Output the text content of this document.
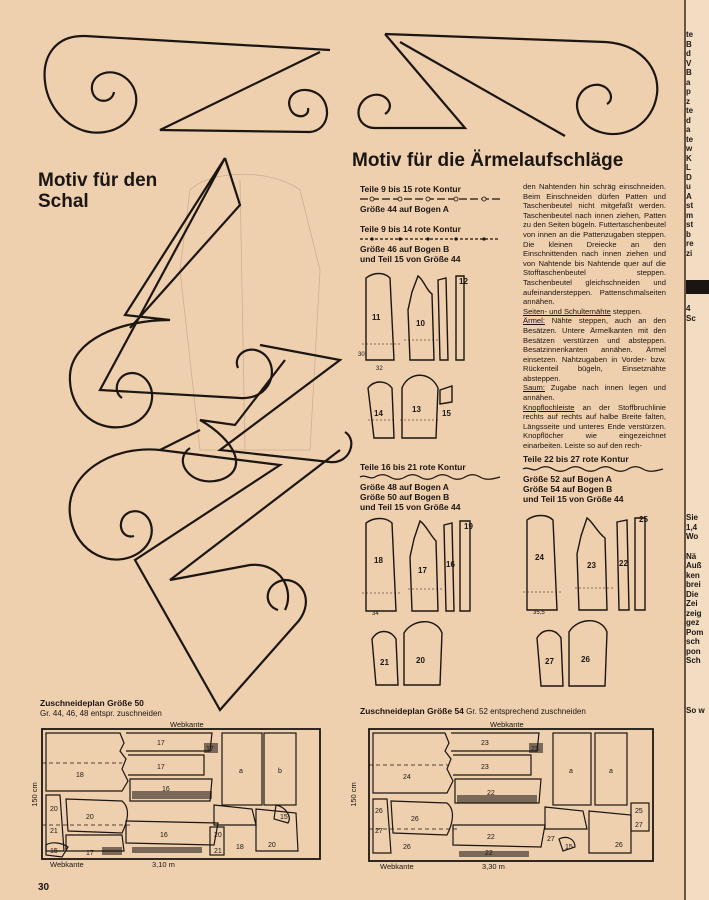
Motiv für den Schal
Motiv für die Ärmelaufschläge
Teile 9 bis 15 rote Kontur
Größe 44 auf Bogen A
Teile 9 bis 14 rote Kontur
Größe 46 auf Bogen B
und Teil 15 von Größe 44
11
10
12
14	13	15
30
32

den Nahtenden hin schräg einschneiden. Beim Einschneiden dürfen Patten und Taschenbeutel nicht mitgefaßt werden. Taschenbeutel nach innen ziehen, Patten zu den Seiten bügeln. Futtertaschenbeutel von innen an die Pattenzugaben steppen. Die kleinen Dreiecke an den Einschnittenden nach innen ziehen und von Nahtende bis Nahtende quer auf die Stofftaschenbeutel steppen. Taschenbeutel gleichschneiden und aufeinandersteppen. Pattenschmalseiten annähen.

Seiten- und Schulternähte steppen.

Ärmel: Nähte steppen, auch an den Besätzen. Untere Ärmelkanten mit den Besätzen verstürzen und absteppen. Besatzinnenkanten annähen. Ärmel einsetzen. Nahtzugaben in Vorder- bzw. Rückenteil bügeln, Einsetznähte absteppen.

Saum: Zugabe nach innen legen und annähen.

Knopflochleiste an der Stoffbruchlinie rechts auf rechts auf halbe Breite falten, Längsseite und unteres Ende verstürzen. Knopflöcher wie eingezeichnet einarbeiten. Leiste so auf den rech-

Teile 16 bis 21 rote Kontur
Größe 48 auf Bogen A
Größe 50 auf Bogen B
und Teil 15 von Größe 44
18
17
16
19
21	20
34
Teile 22 bis 27 rote Kontur
Größe 52 auf Bogen A
Größe 54 auf Bogen B
und Teil 15 von Größe 44
24
23	22
25
27	26
35,5
Zuschneideplan Größe 50
Gr. 44, 46, 48 entspr. zuschneiden	Zuschneideplan Größe 54 Gr. 52 entsprechend zuschneiden
Webkante
Webkante	3,10 m
150 cm
17
17
17
18
16
a	b
20
20
21
16
15
15	17
20
21
18	20
Webkante
Webkante	3,30 m
150 cm
23
23
23
24
22
a	a
26
26
27
22
25
26
27
15
27
26
22
30
te
B
d
V
B
a
p
z
te
d
a
te
w
K
L
D
u
A
st
m
st
b
re
zi
4
Sc
Sie
1,4
Wo
Nä
Auß
ken
brei
Die
Zei
zeig
gez
Pom
sch
pon
Sch
So w
